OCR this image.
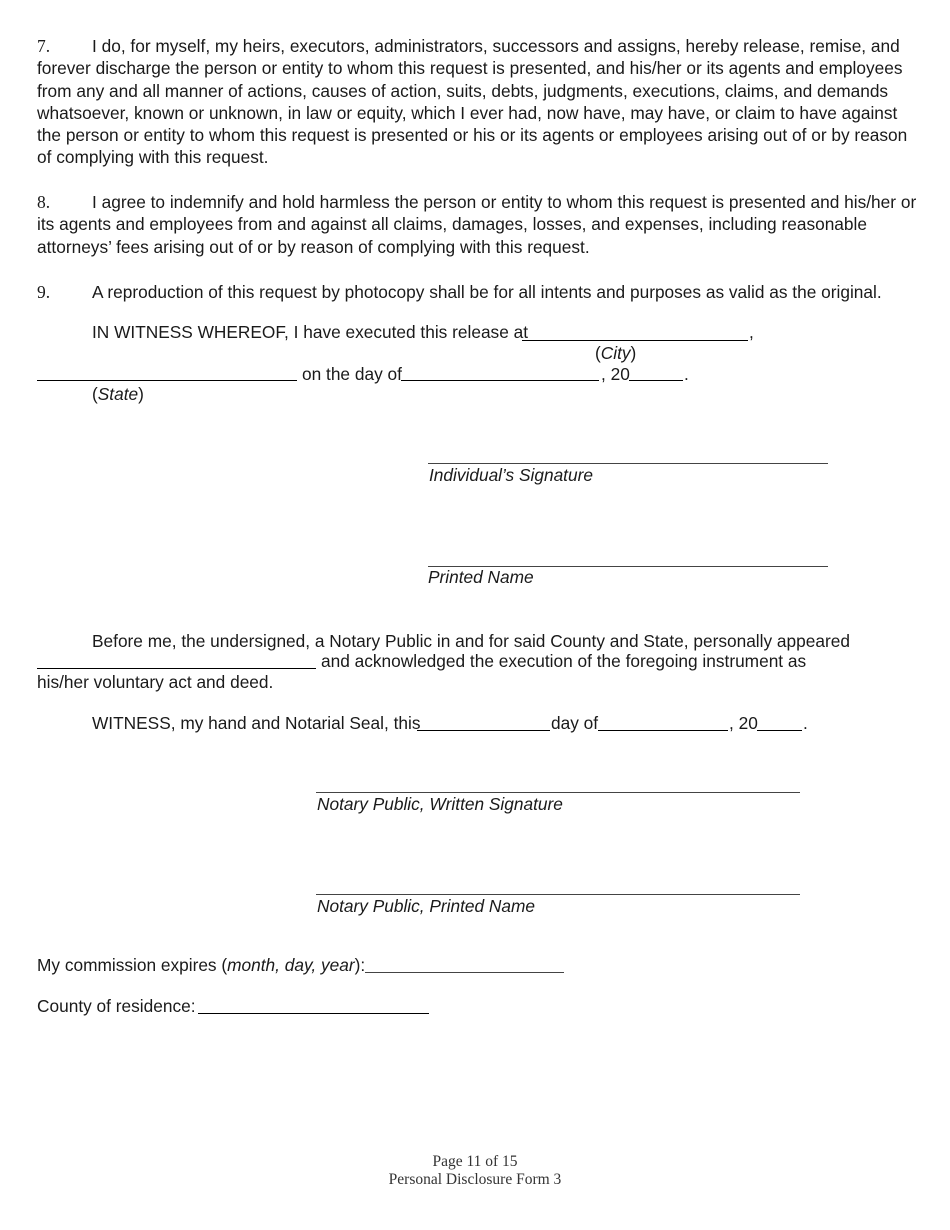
7. I do, for myself, my heirs, executors, administrators, successors and assigns, hereby release, remise, and forever discharge the person or entity to whom this request is presented, and his/her or its agents and employees from any and all manner of actions, causes of action, suits, debts, judgments, executions, claims, and demands whatsoever, known or unknown, in law or equity, which I ever had, now have, may have, or claim to have against the person or entity to whom this request is presented or his or its agents or employees arising out of or by reason of complying with this request.

8. I agree to indemnify and hold harmless the person or entity to whom this request is presented and his/her or its agents and employees from and against all claims, damages, losses, and expenses, including reasonable attorneys’ fees arising out of or by reason of complying with this request.

9. A reproduction of this request by photocopy shall be for all intents and purposes as valid as the original.

IN WITNESS WHEREOF, I have executed this release at	,
(City)
on the day of	, 20	.
(State)
Individual’s Signature
Printed Name
Before me, the undersigned, a Notary Public in and for said County and State, personally appeared
and acknowledged the execution of the foregoing instrument as
his/her voluntary act and deed.
WITNESS, my hand and Notarial Seal, this	day of	, 20	.
Notary Public, Written Signature
Notary Public, Printed Name
My commission expires (month, day, year):
County of residence:
Page 11 of 15
Personal Disclosure Form 3
